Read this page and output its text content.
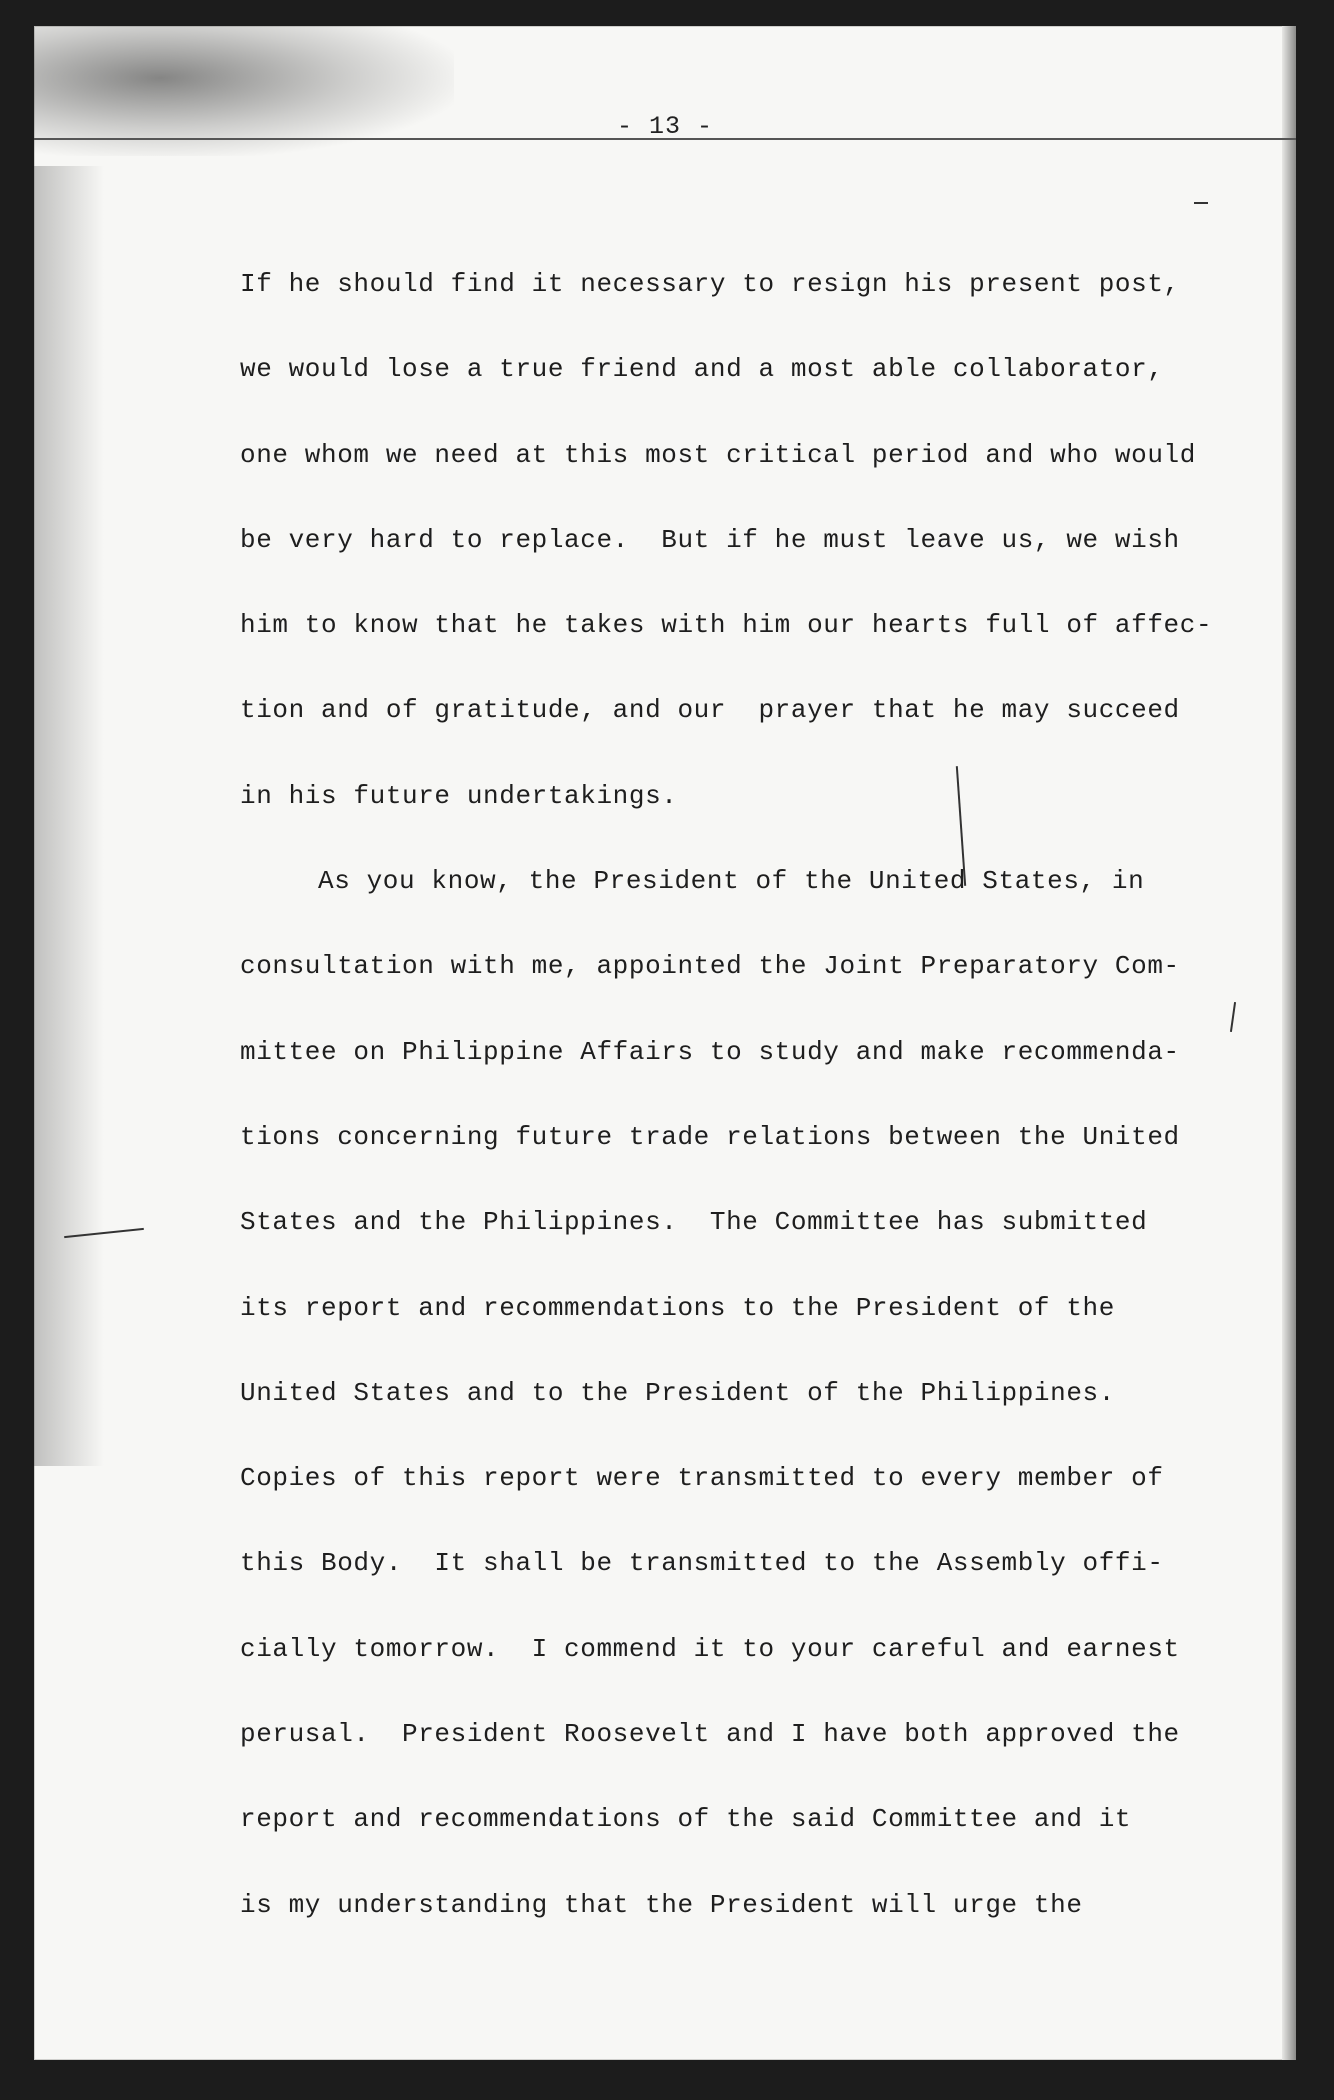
- 13 -
If he should find it necessary to resign his present post,
we would lose a true friend and a most able collaborator,
one whom we need at this most critical period and who would
be very hard to replace.  But if he must leave us, we wish
him to know that he takes with him our hearts full of affec-
tion and of gratitude, and our  prayer that he may succeed
in his future undertakings.
As you know, the President of the United States, in
consultation with me, appointed the Joint Preparatory Com-
mittee on Philippine Affairs to study and make recommenda-
tions concerning future trade relations between the United
States and the Philippines.  The Committee has submitted
its report and recommendations to the President of the
United States and to the President of the Philippines.
Copies of this report were transmitted to every member of
this Body.  It shall be transmitted to the Assembly offi-
cially tomorrow.  I commend it to your careful and earnest
perusal.  President Roosevelt and I have both approved the
report and recommendations of the said Committee and it
is my understanding that the President will urge the
